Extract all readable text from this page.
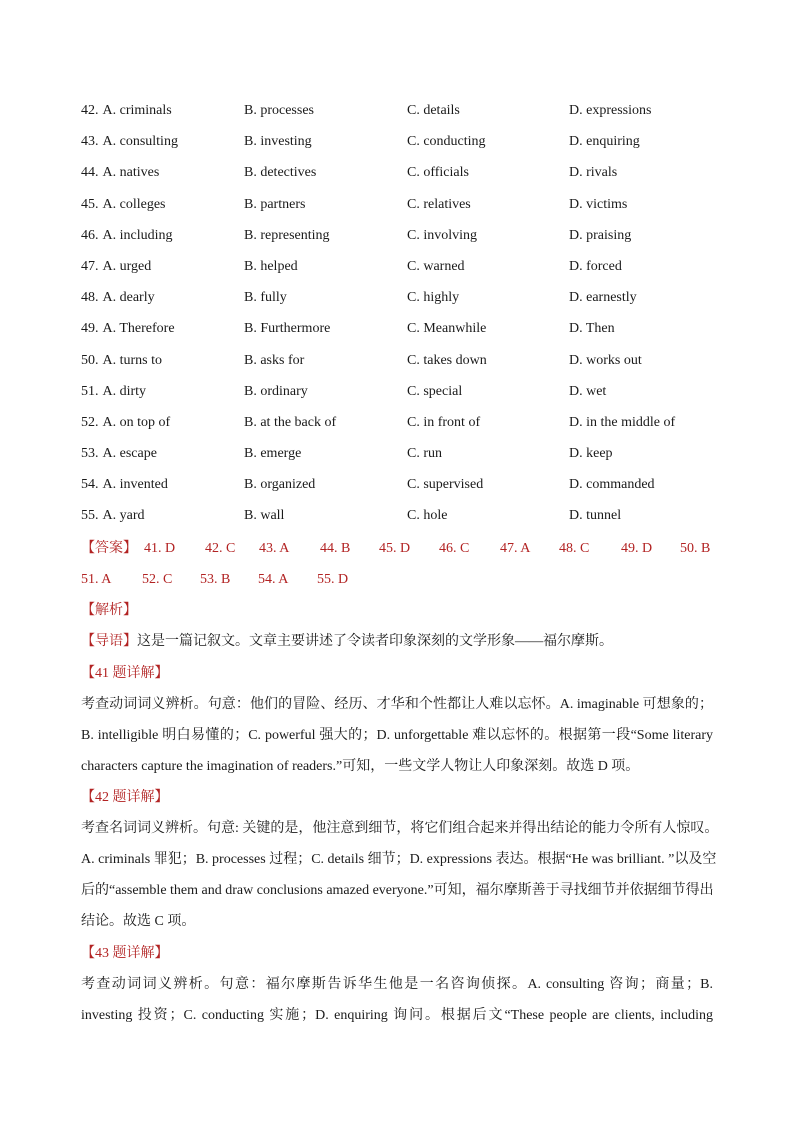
42. A. criminals	B. processes	C. details	D. expressions
43. A. consulting	B. investing	C. conducting	D. enquiring
44. A. natives	B. detectives	C. officials	D. rivals
45. A. colleges	B. partners	C. relatives	D. victims
46. A. including	B. representing	C. involving	D. praising
47. A. urged	B. helped	C. warned	D. forced
48. A. dearly	B. fully	C. highly	D. earnestly
49. A. Therefore	B. Furthermore	C. Meanwhile	D. Then
50. A. turns to	B. asks for	C. takes down	D. works out
51. A. dirty	B. ordinary	C. special	D. wet
52. A. on top of	B. at the back of	C. in front of	D. in the middle of
53. A. escape	B. emerge	C. run	D. keep
54. A. invented	B. organized	C. supervised	D. commanded
55. A. yard	B. wall	C. hole	D. tunnel
【答案】 41. D 42. C 43. A 44. B 45. D 46. C 47. A 48. C 49. D 50. B
51. A 52. C 53. B 54. A 55. D
【解析】
【导语】这是一篇记叙文。文章主要讲述了令读者印象深刻的文学形象——福尔摩斯。
【41 题详解】
考查动词词义辨析。句意：他们的冒险、经历、才华和个性都让人难以忘怀。A. imaginable 可想象的；
B. intelligible 明白易懂的；C. powerful 强大的；D. unforgettable 难以忘怀的。根据第一段“Some literary
characters capture the imagination of readers.”可知，一些文学人物让人印象深刻。故选 D 项。
【42 题详解】
考查名词词义辨析。句意: 关键的是，他注意到细节，将它们组合起来并得出结论的能力令所有人惊叹。
A. criminals 罪犯；B. processes 过程；C. details 细节；D. expressions 表达。根据“He was brilliant. ”以及空
后的“assemble them and draw conclusions amazed everyone.”可知，福尔摩斯善于寻找细节并依据细节得出
结论。故选 C 项。
【43 题详解】
考查动词词义辨析。句意：福尔摩斯告诉华生他是一名咨询侦探。A. consulting 咨询；商量；B.
investing 投资；C. conducting 实施；D. enquiring 询问。根据后文“These people are clients, including
